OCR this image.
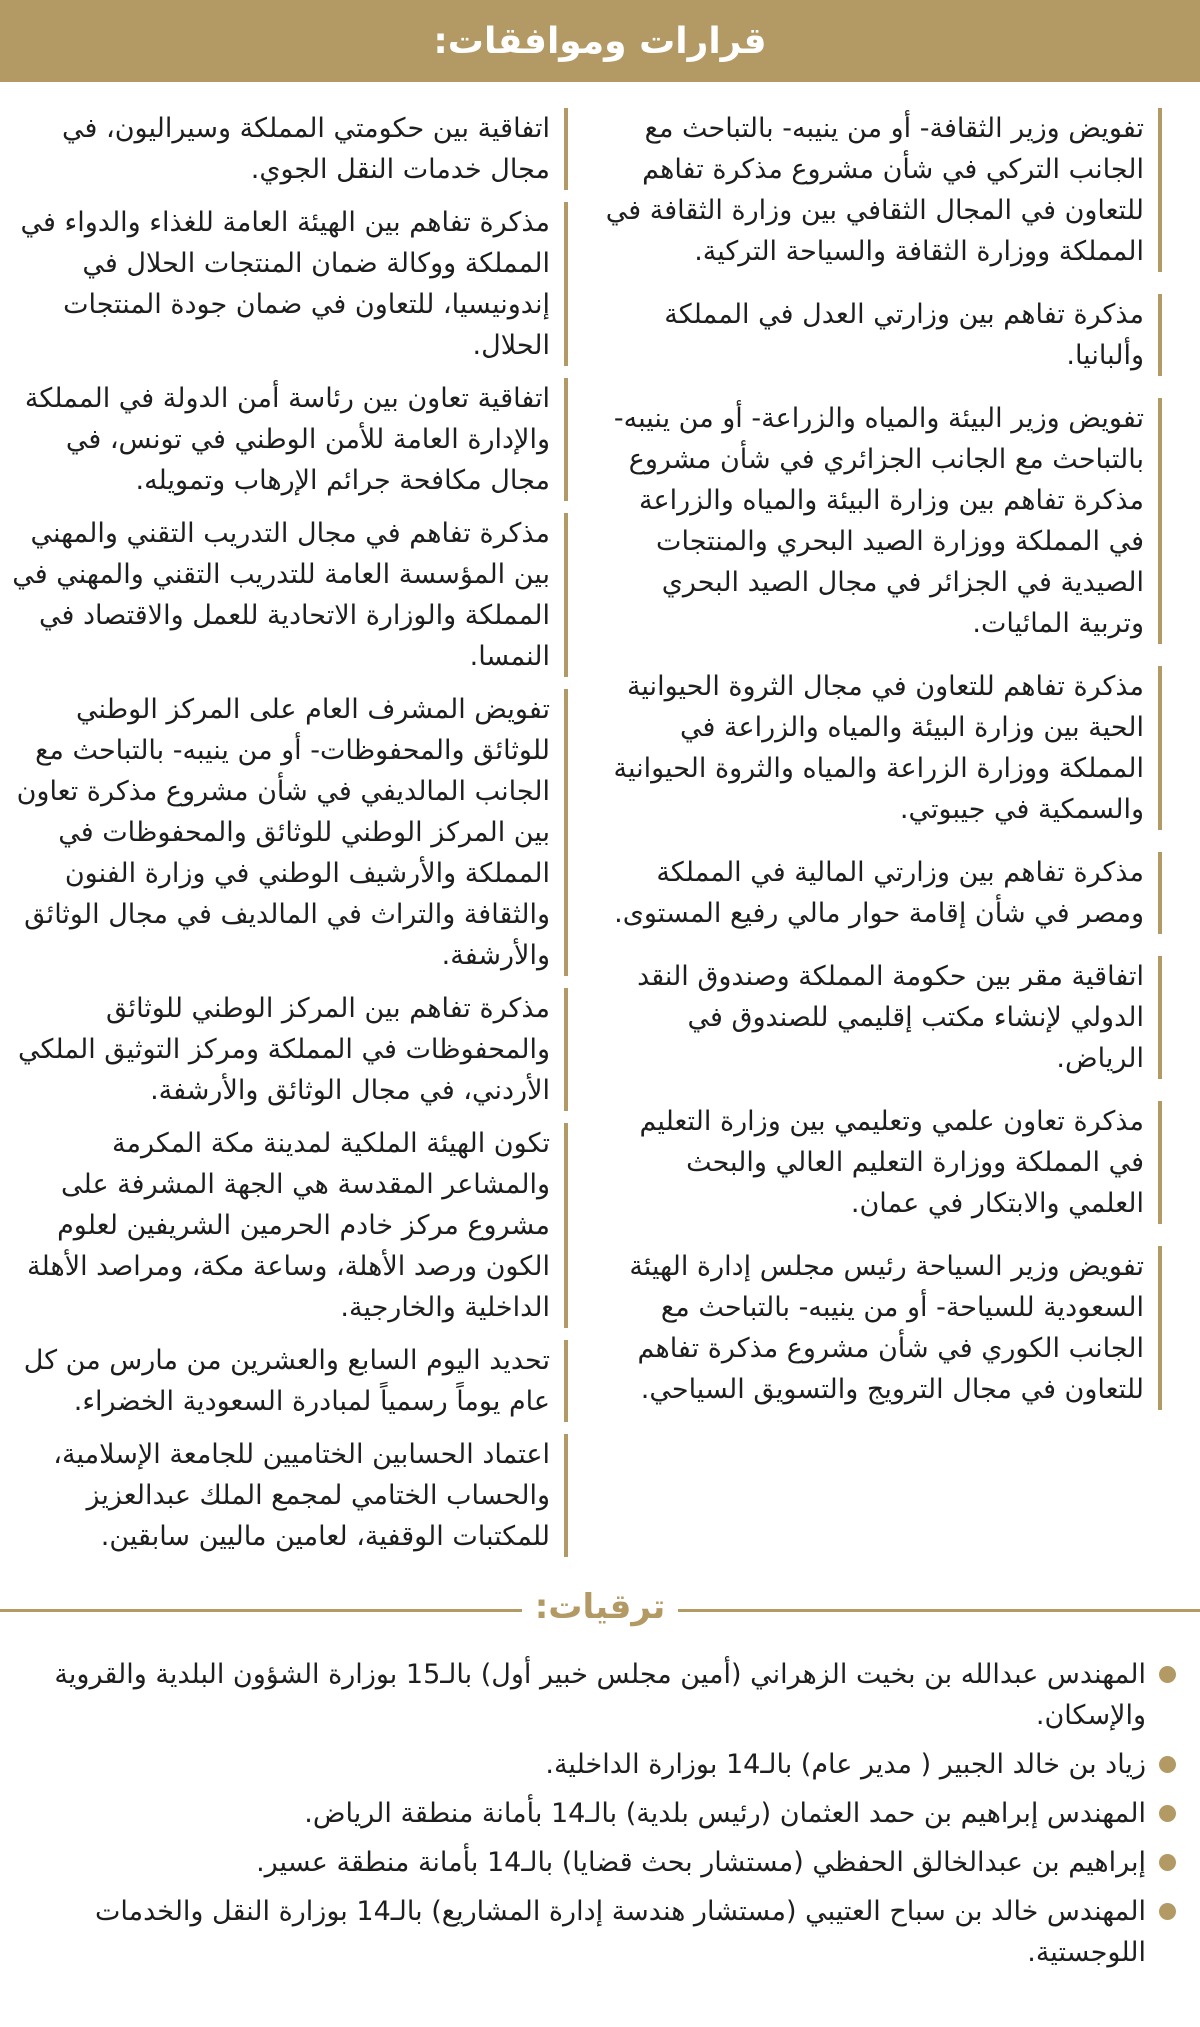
قرارات وموافقات:
تفويض وزير الثقافة- أو من ينيبه- بالتباحث مع الجانب التركي في شأن مشروع مذكرة تفاهم للتعاون في المجال الثقافي بين وزارة الثقافة في المملكة ووزارة الثقافة والسياحة التركية.
مذكرة تفاهم بين وزارتي العدل في المملكة وألبانيا.
تفويض وزير البيئة والمياه والزراعة- أو من ينيبه- بالتباحث مع الجانب الجزائري في شأن مشروع مذكرة تفاهم بين وزارة البيئة والمياه والزراعة في المملكة ووزارة الصيد البحري والمنتجات الصيدية في الجزائر في مجال الصيد البحري وتربية المائيات.
مذكرة تفاهم للتعاون في مجال الثروة الحيوانية الحية بين وزارة البيئة والمياه والزراعة في المملكة ووزارة الزراعة والمياه والثروة الحيوانية والسمكية في جيبوتي.
مذكرة تفاهم بين وزارتي المالية في المملكة ومصر في شأن إقامة حوار مالي رفيع المستوى.
اتفاقية مقر بين حكومة المملكة وصندوق النقد الدولي لإنشاء مكتب إقليمي للصندوق في الرياض.
مذكرة تعاون علمي وتعليمي بين وزارة التعليم في المملكة ووزارة التعليم العالي والبحث العلمي والابتكار في عمان.
تفويض وزير السياحة رئيس مجلس إدارة الهيئة السعودية للسياحة- أو من ينيبه- بالتباحث مع الجانب الكوري في شأن مشروع مذكرة تفاهم للتعاون في مجال الترويج والتسويق السياحي.
اتفاقية بين حكومتي المملكة وسيراليون، في مجال خدمات النقل الجوي.
مذكرة تفاهم بين الهيئة العامة للغذاء والدواء في المملكة ووكالة ضمان المنتجات الحلال في إندونيسيا، للتعاون في ضمان جودة المنتجات الحلال.
اتفاقية تعاون بين رئاسة أمن الدولة في المملكة والإدارة العامة للأمن الوطني في تونس، في مجال مكافحة جرائم الإرهاب وتمويله.
مذكرة تفاهم في مجال التدريب التقني والمهني بين المؤسسة العامة للتدريب التقني والمهني في المملكة والوزارة الاتحادية للعمل والاقتصاد في النمسا.
تفويض المشرف العام على المركز الوطني للوثائق والمحفوظات- أو من ينيبه- بالتباحث مع الجانب المالديفي في شأن مشروع مذكرة تعاون بين المركز الوطني للوثائق والمحفوظات في المملكة والأرشيف الوطني في وزارة الفنون والثقافة والتراث في المالديف في مجال الوثائق والأرشفة.
مذكرة تفاهم بين المركز الوطني للوثائق والمحفوظات في المملكة ومركز التوثيق الملكي الأردني، في مجال الوثائق والأرشفة.
تكون الهيئة الملكية لمدينة مكة المكرمة والمشاعر المقدسة هي الجهة المشرفة على مشروع مركز خادم الحرمين الشريفين لعلوم الكون ورصد الأهلة، وساعة مكة، ومراصد الأهلة الداخلية والخارجية.
تحديد اليوم السابع والعشرين من مارس من كل عام يوماً رسمياً لمبادرة السعودية الخضراء.
اعتماد الحسابين الختاميين للجامعة الإسلامية، والحساب الختامي لمجمع الملك عبدالعزيز للمكتبات الوقفية، لعامين ماليين سابقين.
ترقيات:
المهندس عبدالله بن بخيت الزهراني (أمين مجلس خبير أول) بالـ15 بوزارة الشؤون البلدية والقروية والإسكان.
زياد بن خالد الجبير ( مدير عام) بالـ14 بوزارة الداخلية.
المهندس إبراهيم بن حمد العثمان (رئيس بلدية) بالـ14 بأمانة منطقة الرياض.
إبراهيم بن عبدالخالق الحفظي (مستشار بحث قضايا) بالـ14 بأمانة منطقة عسير.
المهندس خالد بن سباح العتيبي (مستشار هندسة إدارة المشاريع) بالـ14 بوزارة النقل والخدمات اللوجستية.
